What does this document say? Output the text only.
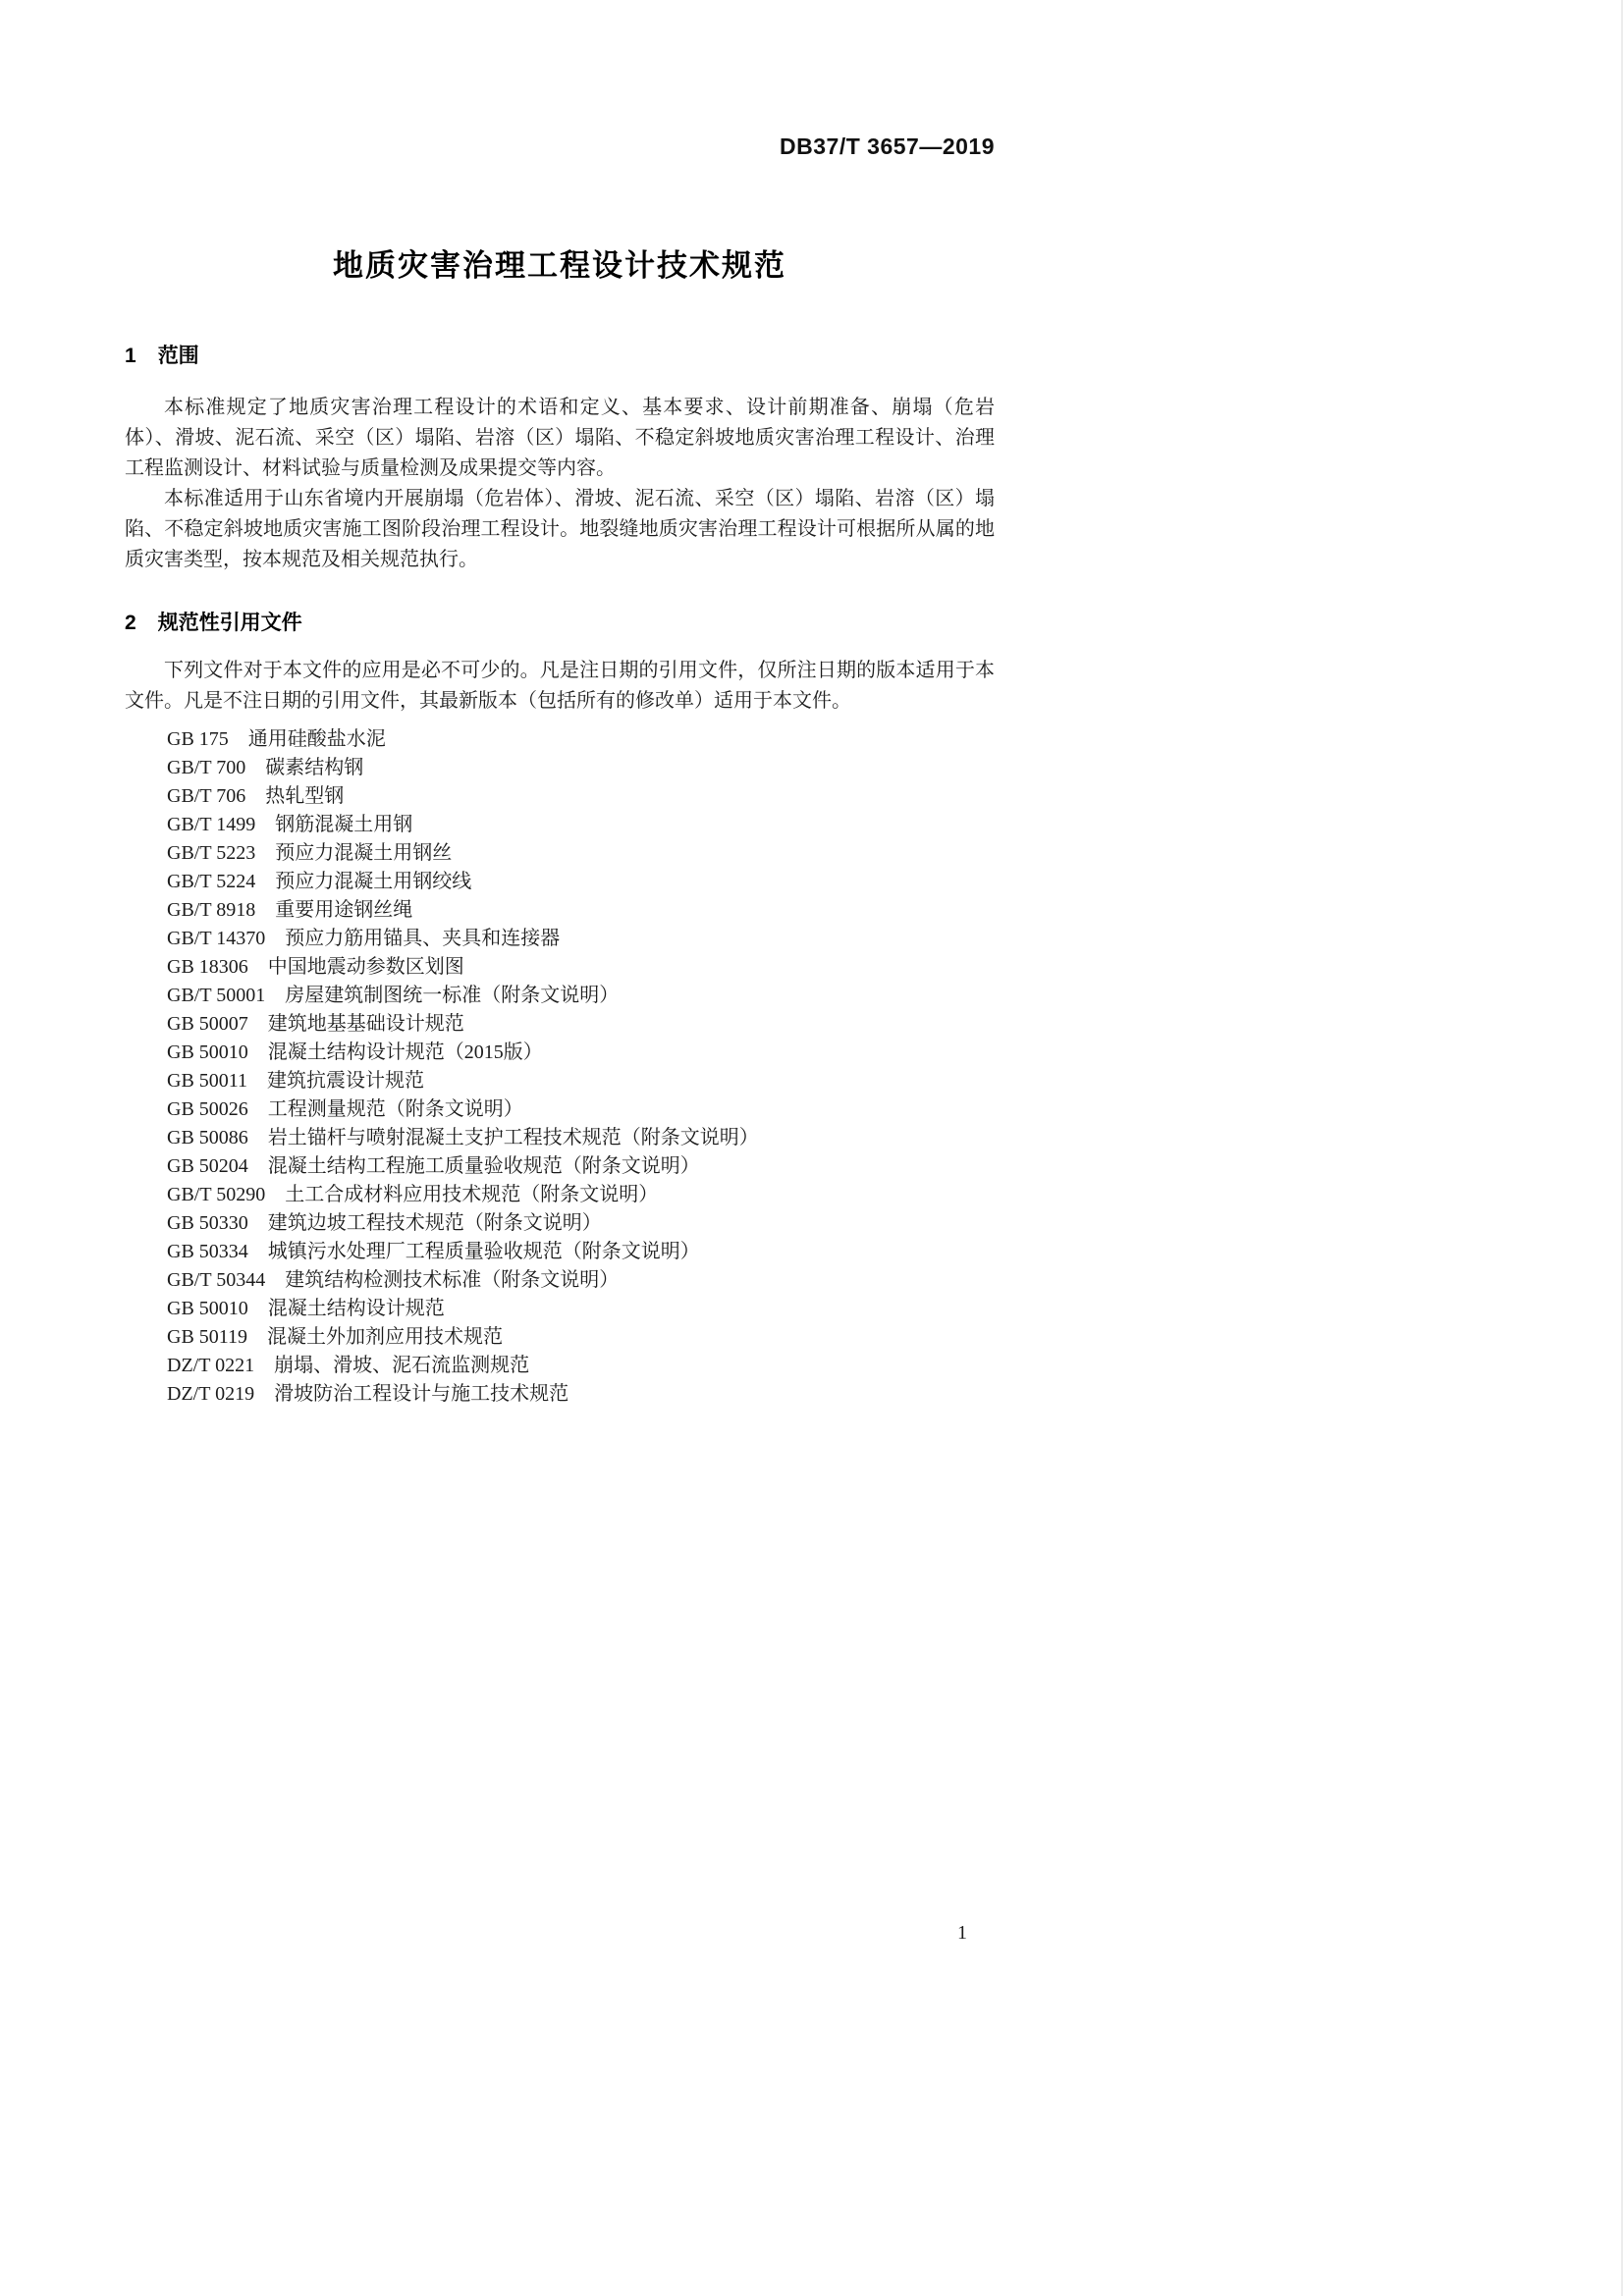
DB37/T 3657—2019
地质灾害治理工程设计技术规范
1 范围

本标准规定了地质灾害治理工程设计的术语和定义、基本要求、设计前期准备、崩塌（危岩体）、滑坡、泥石流、采空（区）塌陷、岩溶（区）塌陷、不稳定斜坡地质灾害治理工程设计、治理工程监测设计、材料试验与质量检测及成果提交等内容。

本标准适用于山东省境内开展崩塌（危岩体）、滑坡、泥石流、采空（区）塌陷、岩溶（区）塌陷、不稳定斜坡地质灾害施工图阶段治理工程设计。地裂缝地质灾害治理工程设计可根据所从属的地质灾害类型，按本规范及相关规范执行。

2 规范性引用文件

下列文件对于本文件的应用是必不可少的。凡是注日期的引用文件，仅所注日期的版本适用于本文件。凡是不注日期的引用文件，其最新版本（包括所有的修改单）适用于本文件。

GB 175 通用硅酸盐水泥
GB/T 700 碳素结构钢
GB/T 706 热轧型钢
GB/T 1499 钢筋混凝土用钢
GB/T 5223 预应力混凝土用钢丝
GB/T 5224 预应力混凝土用钢绞线
GB/T 8918 重要用途钢丝绳
GB/T 14370 预应力筋用锚具、夹具和连接器
GB 18306 中国地震动参数区划图
GB/T 50001 房屋建筑制图统一标准（附条文说明）
GB 50007 建筑地基基础设计规范
GB 50010 混凝土结构设计规范（2015版）
GB 50011 建筑抗震设计规范
GB 50026 工程测量规范（附条文说明）
GB 50086 岩土锚杆与喷射混凝土支护工程技术规范（附条文说明）
GB 50204 混凝土结构工程施工质量验收规范（附条文说明）
GB/T 50290 土工合成材料应用技术规范（附条文说明）
GB 50330 建筑边坡工程技术规范（附条文说明）
GB 50334 城镇污水处理厂工程质量验收规范（附条文说明）
GB/T 50344 建筑结构检测技术标准（附条文说明）
GB 50010 混凝土结构设计规范
GB 50119 混凝土外加剂应用技术规范
DZ/T 0221 崩塌、滑坡、泥石流监测规范
DZ/T 0219 滑坡防治工程设计与施工技术规范
1
